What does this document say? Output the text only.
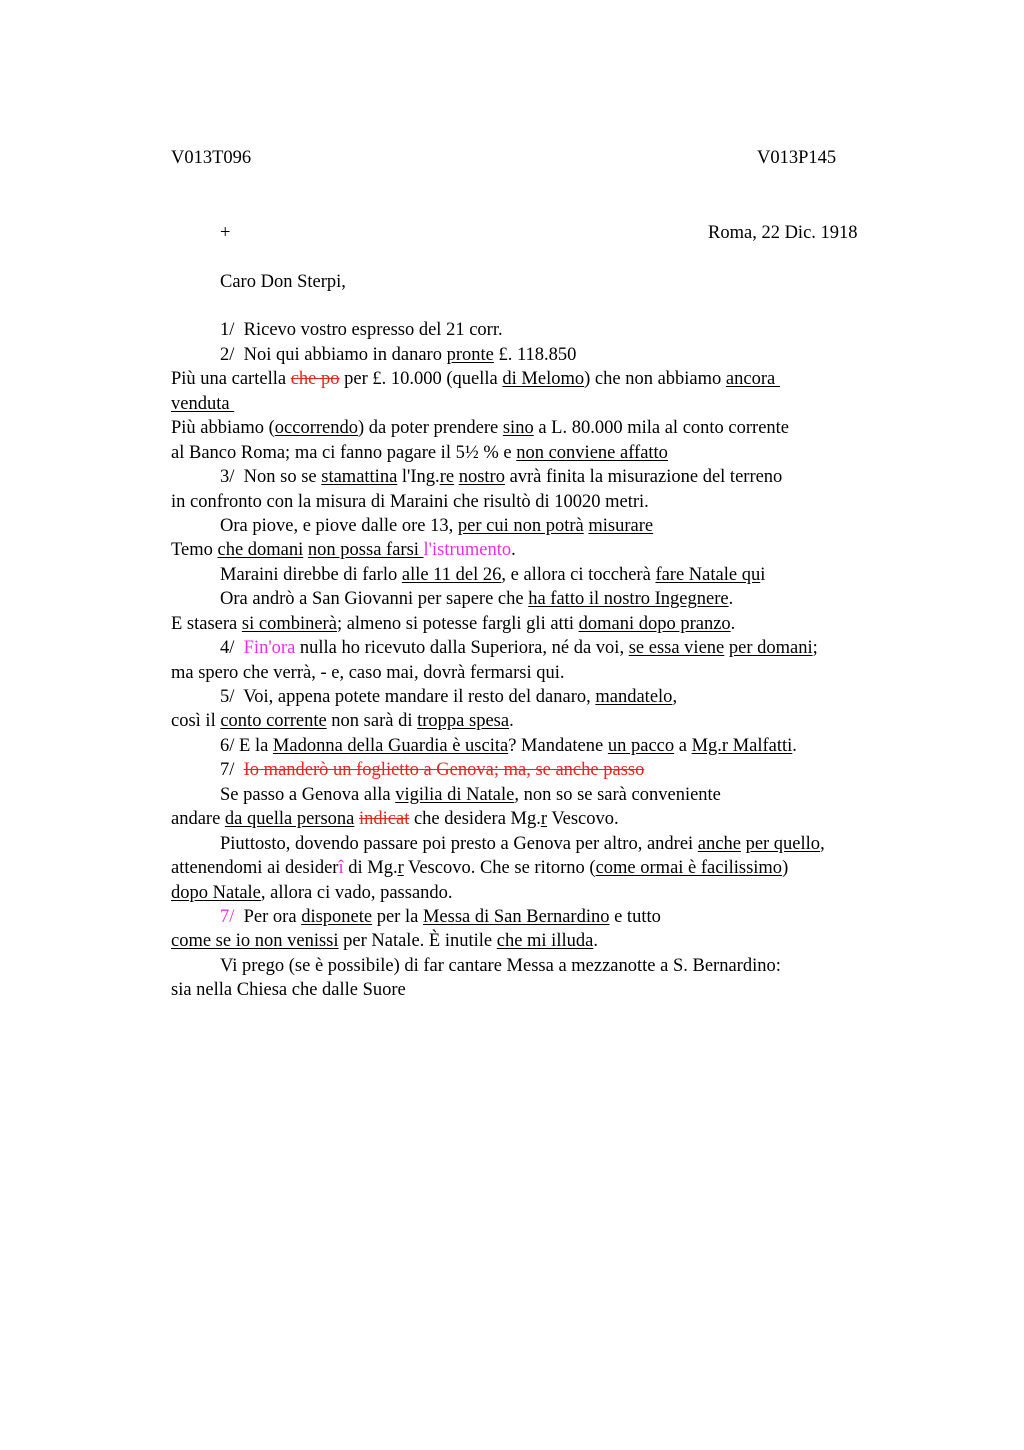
V013T096	V013P145
+	Roma, 22 Dic. 1918
Caro Don Sterpi,
1/  Ricevo vostro espresso del 21 corr.
2/  Noi qui abbiamo in danaro pronte £. 118.850
Più una cartella che po per £. 10.000 (quella di Melomo) che non abbiamo ancora
venduta
Più abbiamo (occorrendo) da poter prendere sino a L. 80.000 mila al conto corrente
al Banco Roma; ma ci fanno pagare il 5½ % e non conviene affatto
3/  Non so se stamattina l'Ing.re nostro avrà finita la misurazione del terreno
in confronto con la misura di Maraini che risultò di 10020 metri.
Ora piove, e piove dalle ore 13, per cui non potrà misurare
Temo che domani non possa farsi l'istrumento.
Maraini direbbe di farlo alle 11 del 26, e allora ci toccherà fare Natale qui
Ora andrò a San Giovanni per sapere che ha fatto il nostro Ingegnere.
E stasera si combinerà; almeno si potesse fargli gli atti domani dopo pranzo.
4/  Fin'ora nulla ho ricevuto dalla Superiora, né da voi, se essa viene per domani;
ma spero che verrà, - e, caso mai, dovrà fermarsi qui.
5/  Voi, appena potete mandare il resto del danaro, mandatelo,
così il conto corrente non sarà di troppa spesa.
6/ E la Madonna della Guardia è uscita? Mandatene un pacco a Mg.r Malfatti.
7/  Io manderò un foglietto a Genova; ma, se anche passo
Se passo a Genova alla vigilia di Natale, non so se sarà conveniente
andare da quella persona indicat che desidera Mg.r Vescovo.
Piuttosto, dovendo passare poi presto a Genova per altro, andrei anche per quello,
attenendomi ai desiderî di Mg.r Vescovo. Che se ritorno (come ormai è facilissimo)
dopo Natale, allora ci vado, passando.
7/  Per ora disponete per la Messa di San Bernardino e tutto
come se io non venissi per Natale. È inutile che mi illuda.
Vi prego (se è possibile) di far cantare Messa a mezzanotte a S. Bernardino:
sia nella Chiesa che dalle Suore
